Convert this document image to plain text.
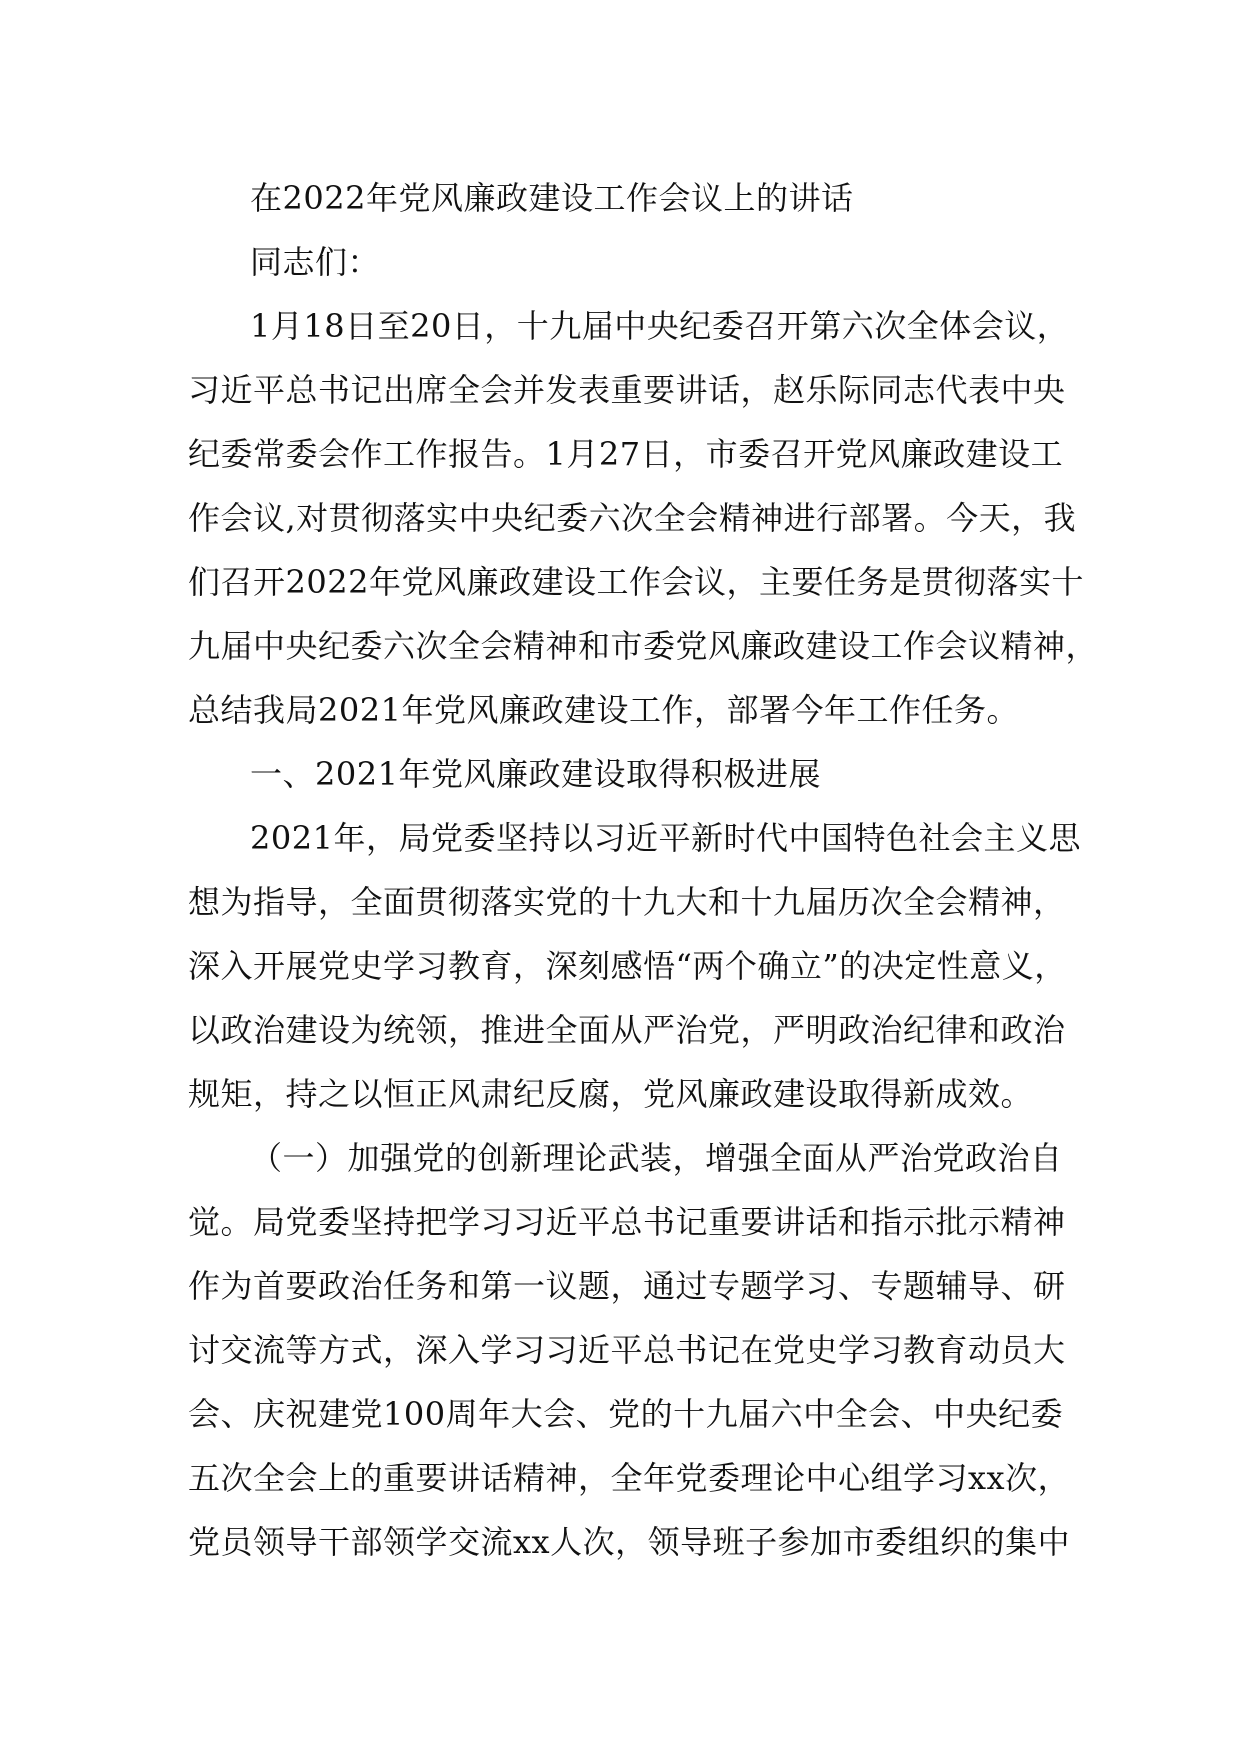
在2022年党风廉政建设工作会议上的讲话
同志们：
1月18日至20日，十九届中央纪委召开第六次全体会议，
习近平总书记出席全会并发表重要讲话，赵乐际同志代表中央
纪委常委会作工作报告。1月27日，市委召开党风廉政建设工
作会议,对贯彻落实中央纪委六次全会精神进行部署。今天，我
们召开2022年党风廉政建设工作会议，主要任务是贯彻落实十
九届中央纪委六次全会精神和市委党风廉政建设工作会议精神，
总结我局2021年党风廉政建设工作，部署今年工作任务。
一、2021年党风廉政建设取得积极进展
2021年，局党委坚持以习近平新时代中国特色社会主义思
想为指导，全面贯彻落实党的十九大和十九届历次全会精神，
深入开展党史学习教育，深刻感悟“两个确立”的决定性意义，
以政治建设为统领，推进全面从严治党，严明政治纪律和政治
规矩，持之以恒正风肃纪反腐，党风廉政建设取得新成效。
（一）加强党的创新理论武装，增强全面从严治党政治自
觉。局党委坚持把学习习近平总书记重要讲话和指示批示精神
作为首要政治任务和第一议题，通过专题学习、专题辅导、研
讨交流等方式，深入学习习近平总书记在党史学习教育动员大
会、庆祝建党100周年大会、党的十九届六中全会、中央纪委
五次全会上的重要讲话精神，全年党委理论中心组学习xx次，
党员领导干部领学交流xx人次，领导班子参加市委组织的集中
